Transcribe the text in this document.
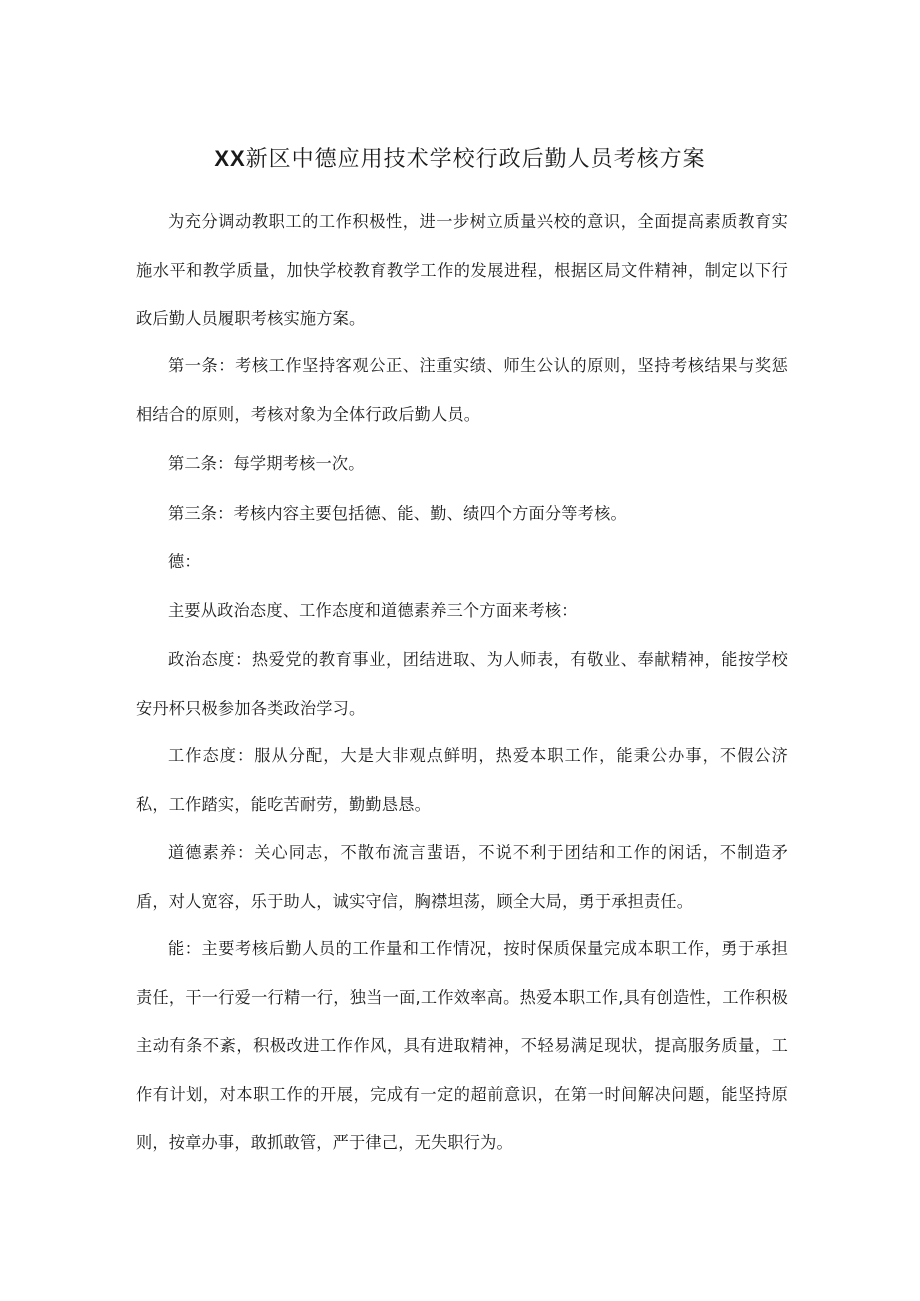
XX新区中德应用技术学校行政后勤人员考核方案

为充分调动教职工的工作积极性，进一步树立质量兴校的意识，全面提高素质教育实施水平和教学质量，加快学校教育教学工作的发展进程，根据区局文件精神，制定以下行政后勤人员履职考核实施方案。

第一条：考核工作坚持客观公正、注重实绩、师生公认的原则，坚持考核结果与奖惩相结合的原则，考核对象为全体行政后勤人员。

第二条：每学期考核一次。

第三条：考核内容主要包括德、能、勤、绩四个方面分等考核。

德：

主要从政治态度、工作态度和道德素养三个方面来考核：

政治态度：热爱党的教育事业，团结进取、为人师表，有敬业、奉献精神，能按学校安丹杯只极参加各类政治学习。

工作态度：服从分配，大是大非观点鲜明，热爱本职工作，能秉公办事，不假公济私，工作踏实，能吃苦耐劳，勤勤恳恳。

道德素养：关心同志，不散布流言蜚语，不说不利于团结和工作的闲话，不制造矛盾，对人宽容，乐于助人，诚实守信，胸襟坦荡，顾全大局，勇于承担责任。

能：主要考核后勤人员的工作量和工作情况，按时保质保量完成本职工作，勇于承担责任，干一行爱一行精一行，独当一面,工作效率高。热爱本职工作,具有创造性，工作积极主动有条不紊，积极改进工作作风，具有进取精神，不轻易满足现状，提高服务质量，工作有计划，对本职工作的开展，完成有一定的超前意识，在第一时间解决问题，能坚持原则，按章办事，敢抓敢管，严于律己，无失职行为。
